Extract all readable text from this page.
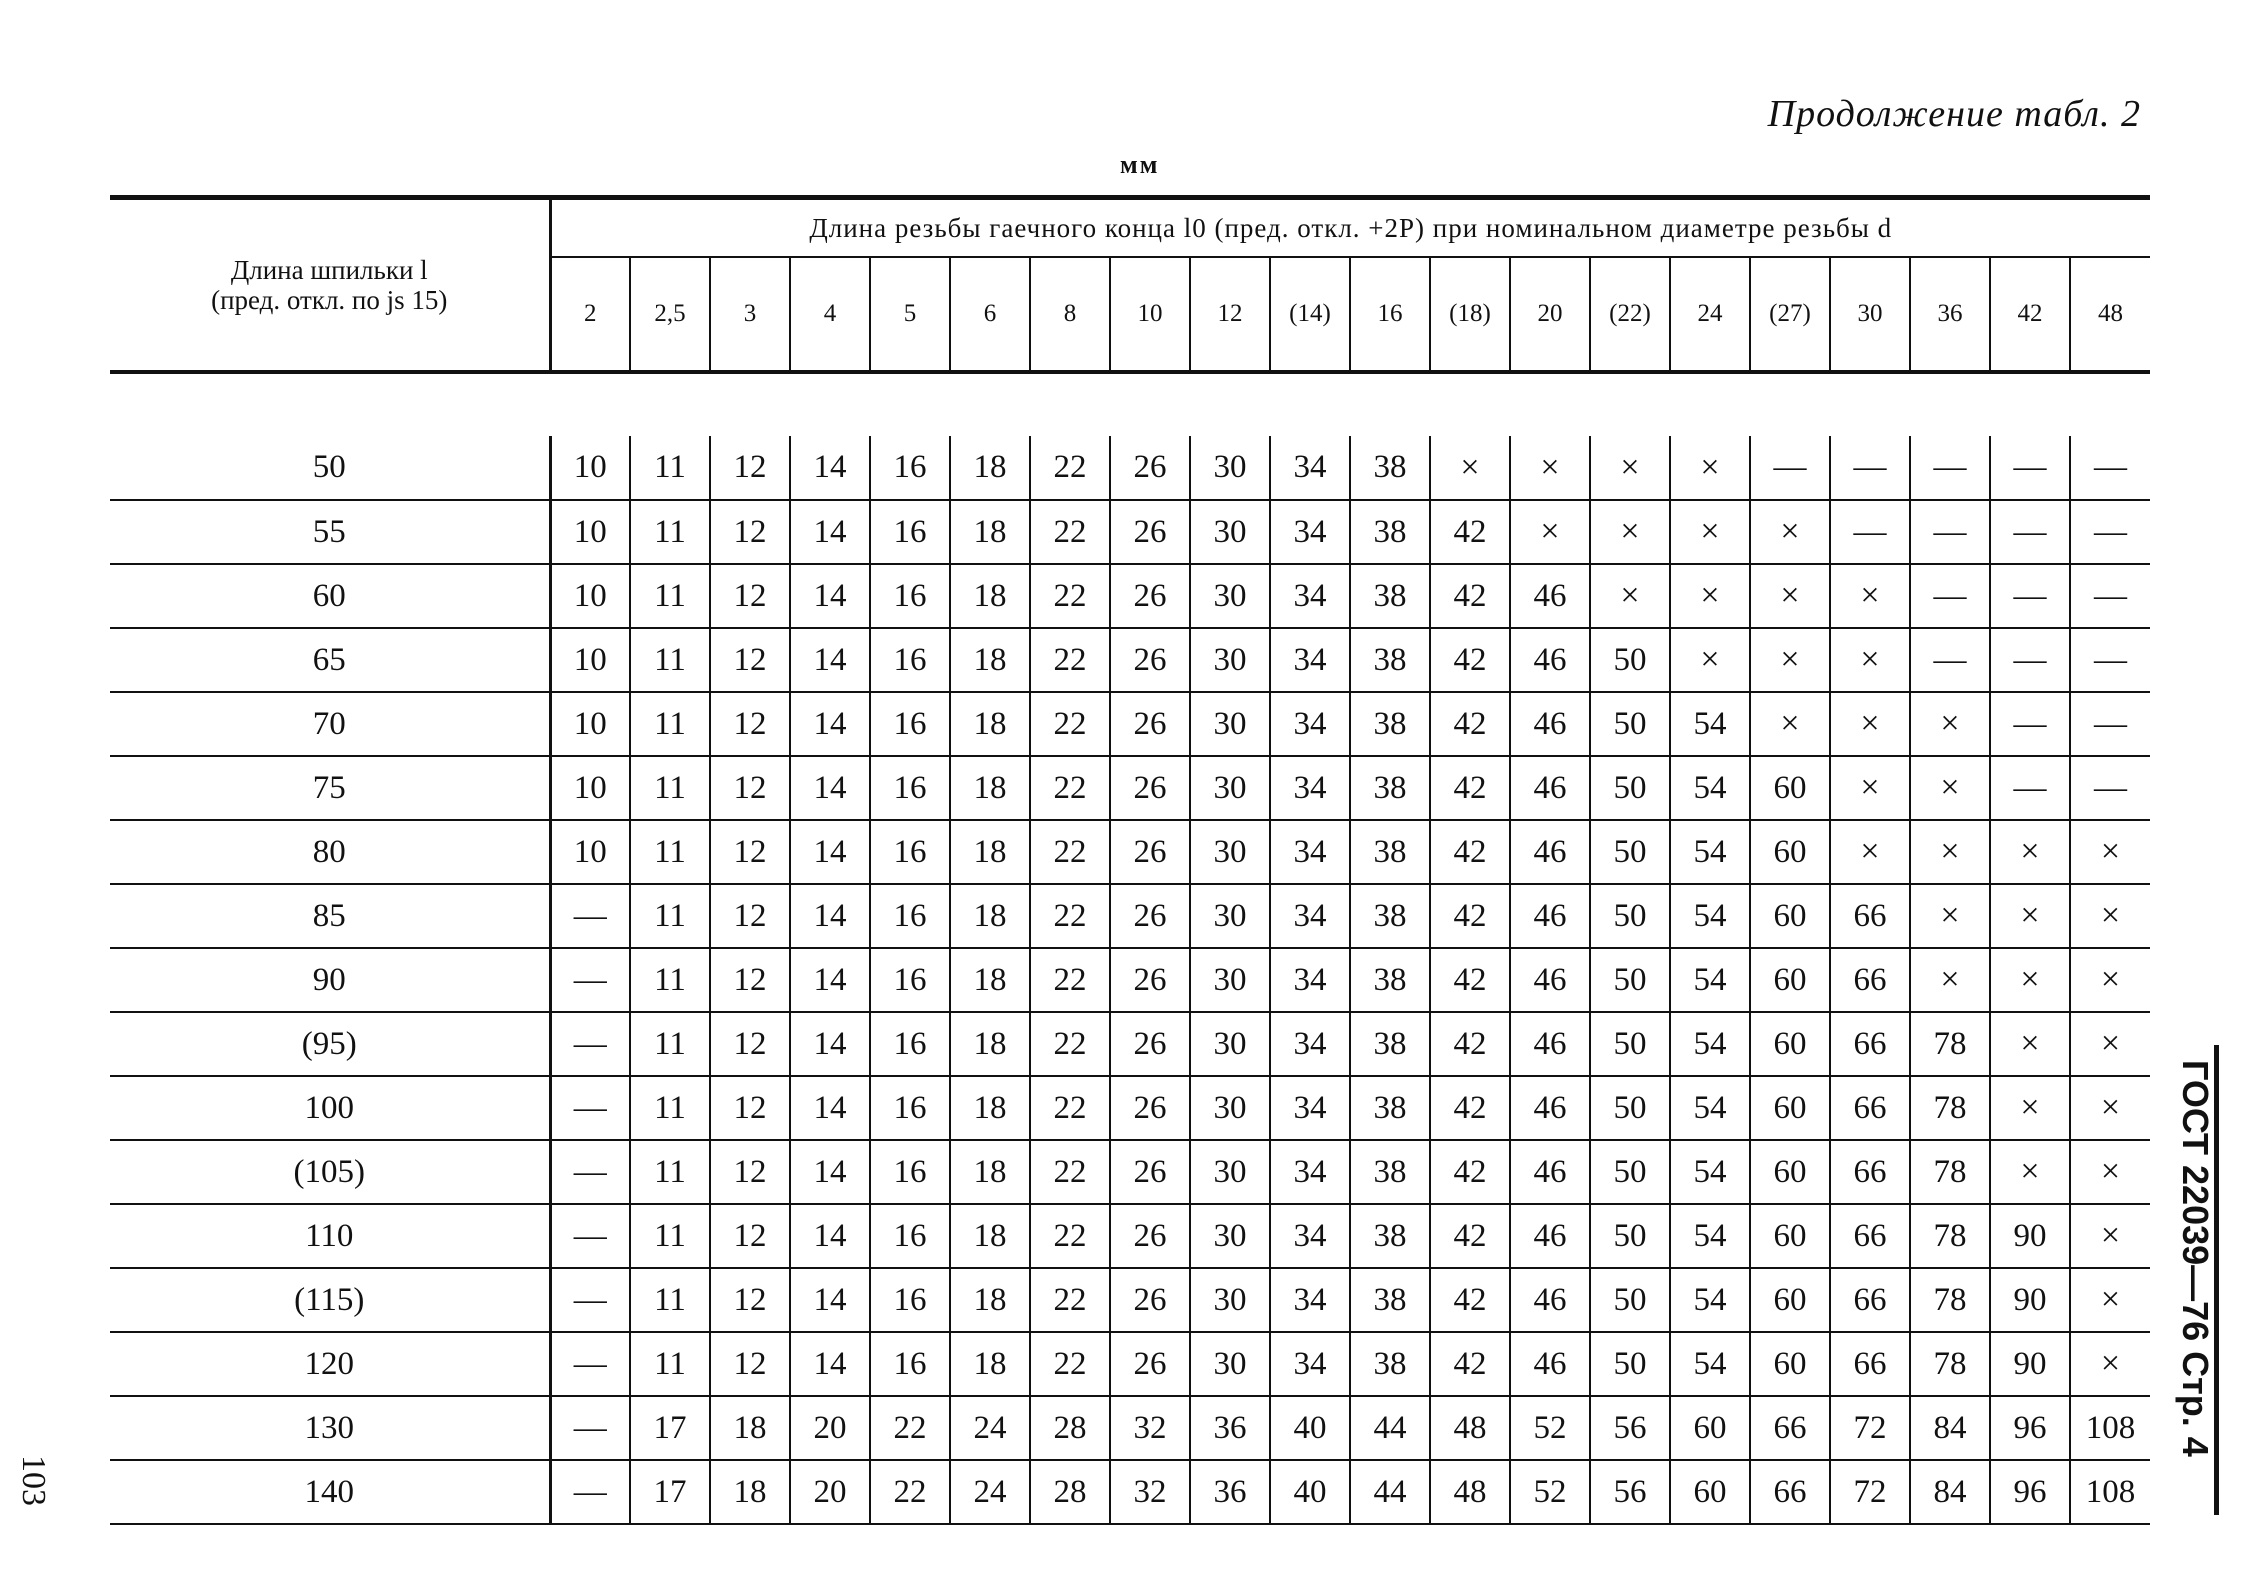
Продолжение табл. 2
мм
Длина шпильки l
(пред. откл. по js 15)	Длина резьбы гаечного конца l0 (пред. откл. +2P) при номинальном диаметре резьбы d																			
	2	2,5	3	4	5	6	8	10	12	(14)	16	(18)	20	(22)	24	(27)	30	36	42	48

50	10	11	12	14	16	18	22	26	30	34	38	×	×	×	×	—	—	—	—	—
55	10	11	12	14	16	18	22	26	30	34	38	42	×	×	×	×	—	—	—	—
60	10	11	12	14	16	18	22	26	30	34	38	42	46	×	×	×	×	—	—	—
65	10	11	12	14	16	18	22	26	30	34	38	42	46	50	×	×	×	—	—	—
70	10	11	12	14	16	18	22	26	30	34	38	42	46	50	54	×	×	×	—	—
75	10	11	12	14	16	18	22	26	30	34	38	42	46	50	54	60	×	×	—	—
80	10	11	12	14	16	18	22	26	30	34	38	42	46	50	54	60	×	×	×	×
85	—	11	12	14	16	18	22	26	30	34	38	42	46	50	54	60	66	×	×	×
90	—	11	12	14	16	18	22	26	30	34	38	42	46	50	54	60	66	×	×	×
(95)	—	11	12	14	16	18	22	26	30	34	38	42	46	50	54	60	66	78	×	×
100	—	11	12	14	16	18	22	26	30	34	38	42	46	50	54	60	66	78	×	×
(105)	—	11	12	14	16	18	22	26	30	34	38	42	46	50	54	60	66	78	×	×
110	—	11	12	14	16	18	22	26	30	34	38	42	46	50	54	60	66	78	90	×
(115)	—	11	12	14	16	18	22	26	30	34	38	42	46	50	54	60	66	78	90	×
120	—	11	12	14	16	18	22	26	30	34	38	42	46	50	54	60	66	78	90	×
130	—	17	18	20	22	24	28	32	36	40	44	48	52	56	60	66	72	84	96	108
140	—	17	18	20	22	24	28	32	36	40	44	48	52	56	60	66	72	84	96	108
103
ГОСТ 22039—76 Стр. 4
